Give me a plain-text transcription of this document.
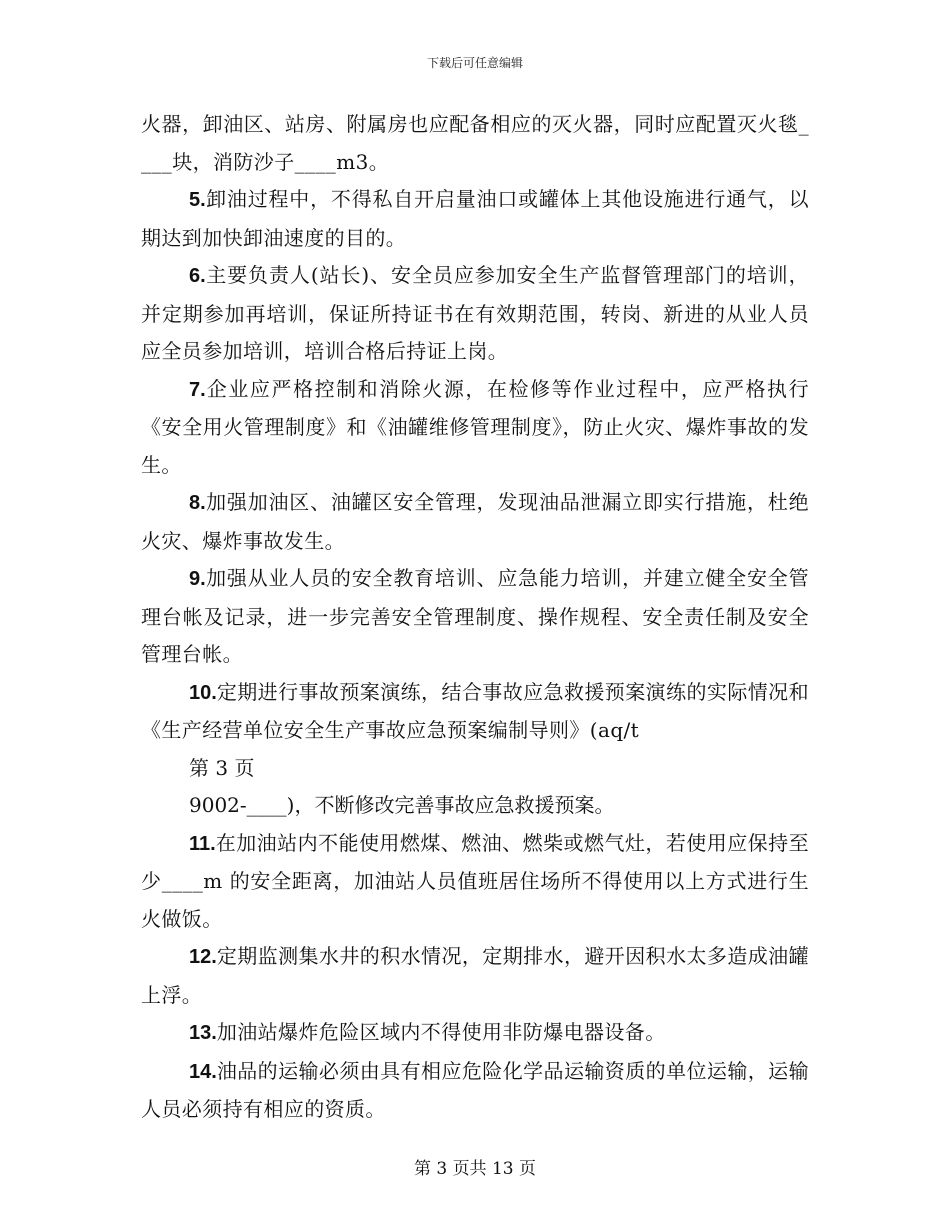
下载后可任意编辑

火器，卸油区、站房、附属房也应配备相应的灭火器，同时应配置灭火毯____块，消防沙子____m3。

5.卸油过程中，不得私自开启量油口或罐体上其他设施进行通气，以期达到加快卸油速度的目的。

6.主要负责人(站长)、安全员应参加安全生产监督管理部门的培训，并定期参加再培训，保证所持证书在有效期范围，转岗、新进的从业人员应全员参加培训，培训合格后持证上岗。

7.企业应严格控制和消除火源，在检修等作业过程中，应严格执行《安全用火管理制度》和《油罐维修管理制度》，防止火灾、爆炸事故的发生。

8.加强加油区、油罐区安全管理，发现油品泄漏立即实行措施，杜绝火灾、爆炸事故发生。

9.加强从业人员的安全教育培训、应急能力培训，并建立健全安全管理台帐及记录，进一步完善安全管理制度、操作规程、安全责任制及安全管理台帐。

10.定期进行事故预案演练，结合事故应急救援预案演练的实际情况和《生产经营单位安全生产事故应急预案编制导则》(aq/t

第 3 页

9002-____)，不断修改完善事故应急救援预案。

11.在加油站内不能使用燃煤、燃油、燃柴或燃气灶，若使用应保持至少____m 的安全距离，加油站人员值班居住场所不得使用以上方式进行生火做饭。

12.定期监测集水井的积水情况，定期排水，避开因积水太多造成油罐上浮。

13.加油站爆炸危险区域内不得使用非防爆电器设备。

14.油品的运输必须由具有相应危险化学品运输资质的单位运输，运输人员必须持有相应的资质。

第 3 页共 13 页
